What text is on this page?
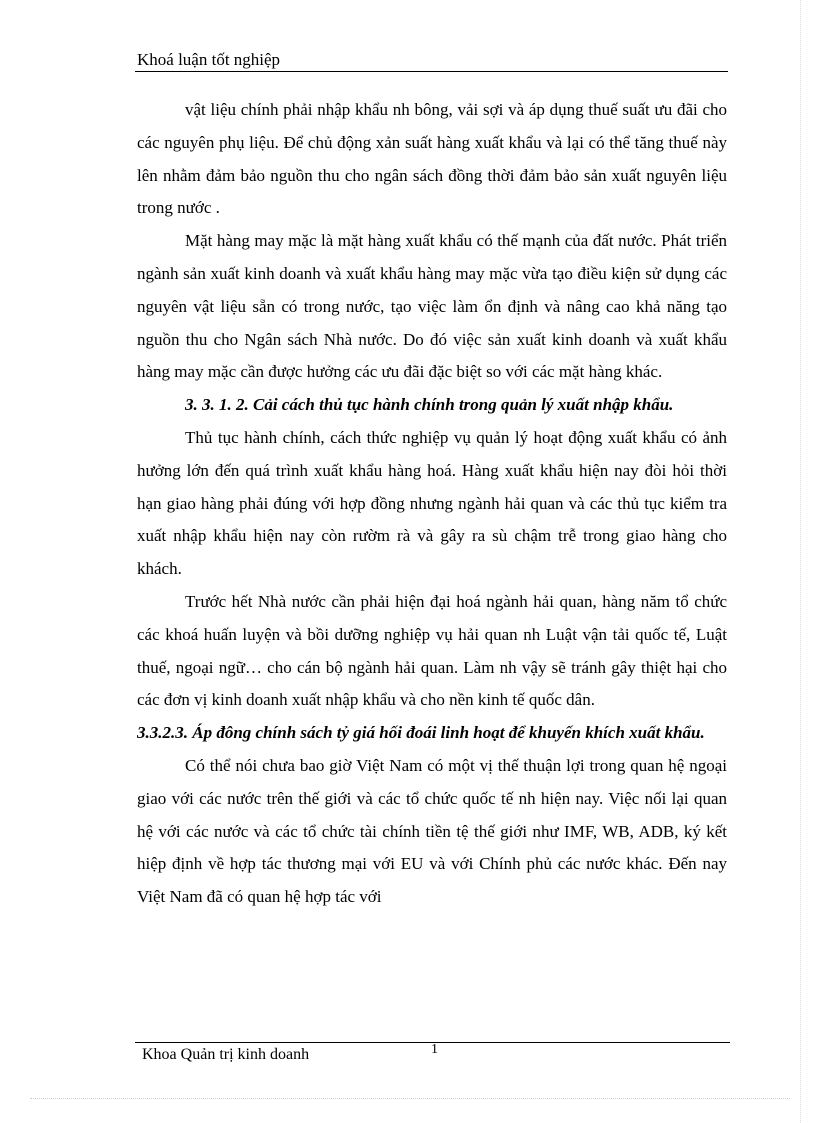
Khoá luận tốt nghiệp

vật liệu chính phải nhập khẩu nh bông, vải sợi và áp dụng thuế suất ưu đãi cho các nguyên phụ liệu. Để chủ động xản suất hàng xuất khẩu và lại có thể tăng thuế này lên nhằm đảm bảo nguồn thu cho ngân sách đồng thời đảm bảo sản xuất nguyên liệu trong nước .

Mặt hàng may mặc là mặt hàng xuất khẩu có thế mạnh của đất nước. Phát triển ngành sản xuất kinh doanh và xuất khẩu hàng may mặc vừa tạo điều kiện sử dụng các nguyên vật liệu sẵn có trong nước, tạo việc làm ổn định và nâng cao khả năng tạo nguồn thu cho Ngân sách Nhà nước. Do đó việc sản xuất kinh doanh và xuất khẩu hàng may mặc cần được hưởng các ưu đãi đặc biệt so với các mặt hàng khác.

3. 3. 1. 2. Cải cách thủ tục hành chính trong quản lý xuất nhập khẩu.

Thủ tục hành chính, cách thức nghiệp vụ quản lý hoạt động xuất khẩu có ảnh hưởng lớn đến quá trình xuất khẩu hàng hoá. Hàng xuất khẩu hiện nay đòi hỏi thời hạn giao hàng phải đúng với hợp đồng nhưng ngành hải quan và các thủ tục kiểm tra xuất nhập khẩu hiện nay còn rườm rà và gây ra sù chậm trễ trong giao hàng cho khách.

Trước hết Nhà nước cần phải hiện đại hoá ngành hải quan, hàng năm tổ chức các khoá huấn luyện và bồi dưỡng nghiệp vụ hải quan nh Luật vận tải quốc tế, Luật thuế, ngoại ngữ… cho cán bộ ngành hải quan. Làm nh vậy sẽ tránh gây thiệt hại cho các đơn vị kinh doanh xuất nhập khẩu và cho nền kinh tế quốc dân.

3.3.2.3. Áp đông chính sách tỷ giá hối đoái linh hoạt để khuyến khích xuất khẩu.

Có thể nói chưa bao giờ Việt Nam có một vị thế thuận lợi trong quan hệ ngoại giao với các nước trên thế giới và các tổ chức quốc tế nh hiện nay. Việc nối lại quan hệ với các nước và các tổ chức tài chính tiền tệ thế giới như IMF, WB, ADB, ký kết hiệp định về hợp tác thương mại với EU và với Chính phủ các nước khác. Đến nay Việt Nam đã có quan hệ hợp tác với

Khoa Quản trị kinh doanh	1
